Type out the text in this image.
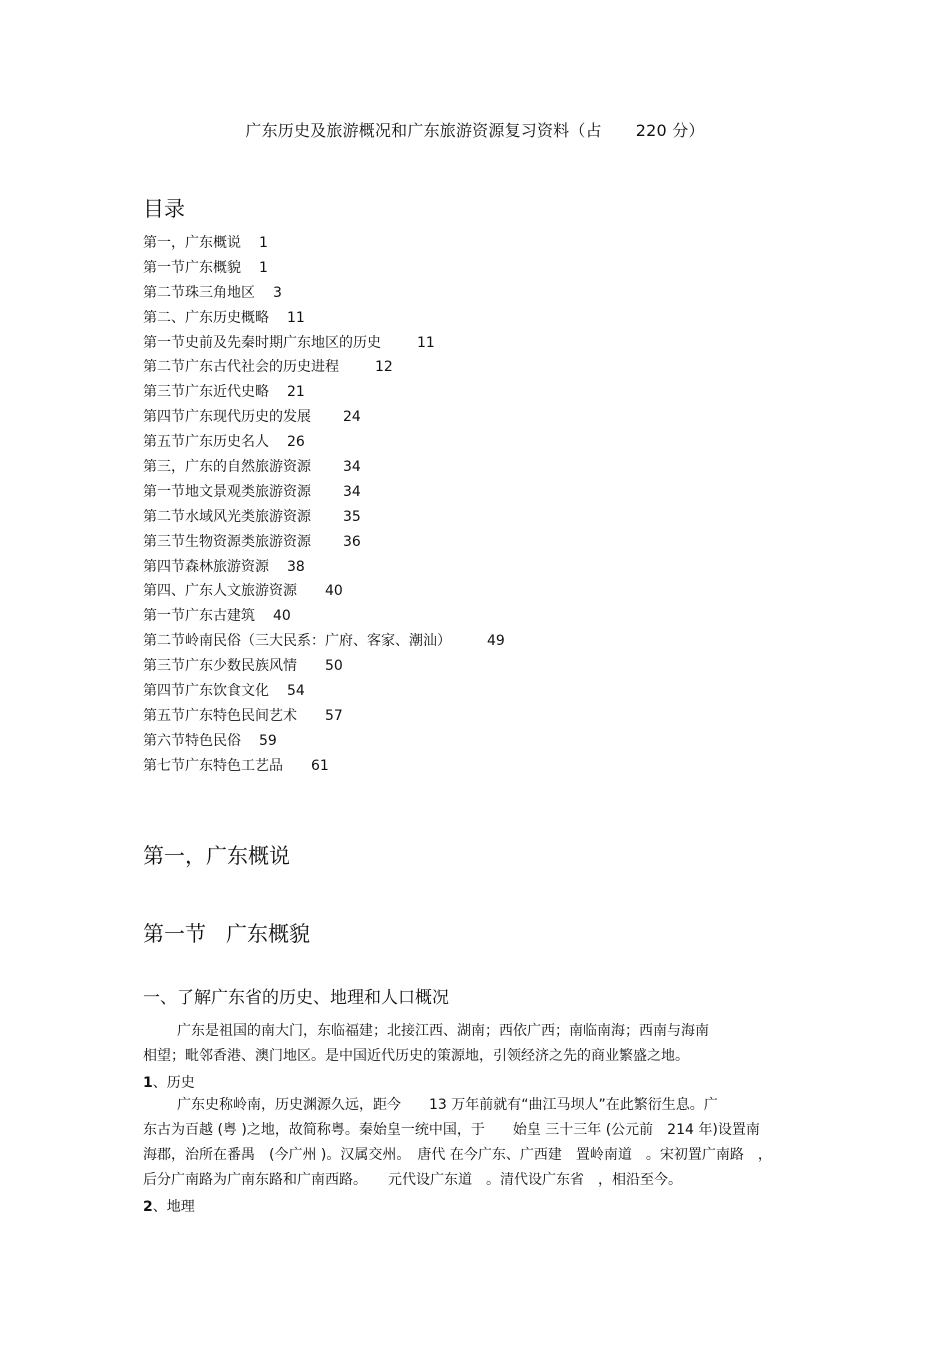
广东历史及旅游概况和广东旅游资源复习资料（占 220 分）
目录
第一，广东概说 1
第一节广东概貌 1
第二节珠三角地区 3
第二、广东历史概略 11
第一节史前及先秦时期广东地区的历史	11
第二节广东古代社会的历史进程	12
第三节广东近代史略 21
第四节广东现代历史的发展 24
第五节广东历史名人 26
第三，广东的自然旅游资源 34
第一节地文景观类旅游资源 34
第二节水域风光类旅游资源 35
第三节生物资源类旅游资源 36
第四节森林旅游资源 38
第四、广东人文旅游资源 40
第一节广东古建筑 40
第二节岭南民俗（三大民系：广府、客家、潮汕）	49
第三节广东少数民族风情 50
第四节广东饮食文化 54
第五节广东特色民间艺术 57
第六节特色民俗 59
第七节广东特色工艺品 61
第一，广东概说
第一节 广东概貌
一、了解广东省的历史、地理和人口概况
广东是祖国的南大门，东临福建；北接江西、湖南；西依广西；南临南海；西南与海南
相望；毗邻香港、澳门地区。是中国近代历史的策源地，引领经济之先的商业繁盛之地。
1、历史
广东史称岭南，历史渊源久远，距今　　13 万年前就有“曲江马坝人”在此繁衍生息。广
东古为百越 (粤 )之地，故简称粤。秦始皇一统中国，于　　始皇 三十三年 (公元前　214 年)设置南
海郡，治所在番禺　(今广州 )。汉属交州。　唐代 在今广东、广西建　置岭南道　。宋初置广南路　，
后分广南路为广南东路和广南西路。　　元代设广东道　。清代设广东省　，相沿至今。
2、地理
